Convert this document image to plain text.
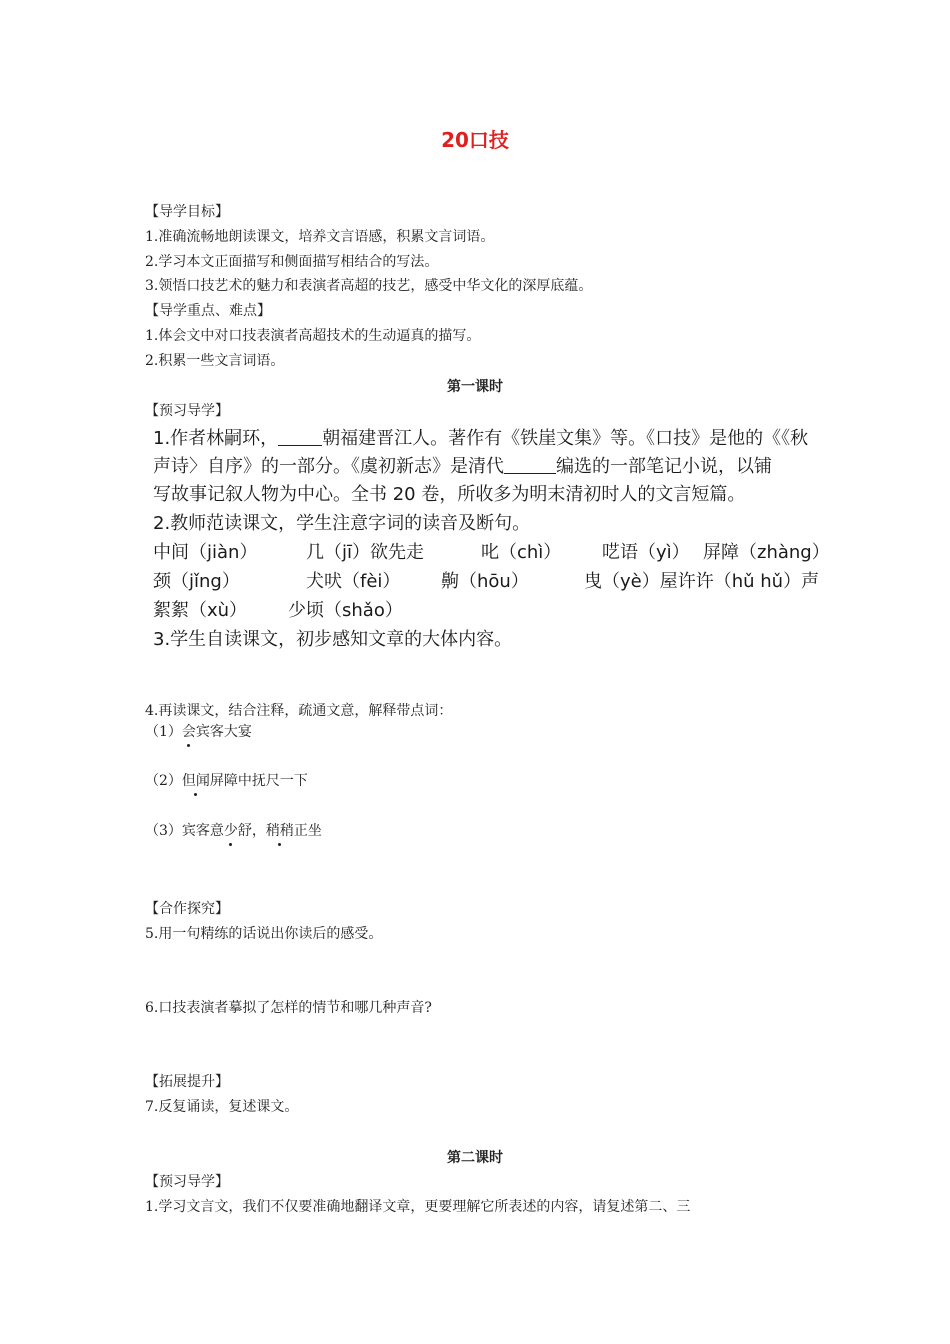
20口技
【导学目标】
1.准确流畅地朗读课文，培养文言语感，积累文言词语。
2.学习本文正面描写和侧面描写相结合的写法。
3.领悟口技艺术的魅力和表演者高超的技艺，感受中华文化的深厚底蕴。
【导学重点、难点】
1.体会文中对口技表演者高超技术的生动逼真的描写。
2.积累一些文言词语。
第一课时
【预习导学】
1.作者林嗣环， 朝福建晋江人。著作有《铁崖文集》等。《口技》是他的《《秋
声诗〉自序》的一部分。《虞初新志》是清代	编选的一部笔记小说，以铺
写故事记叙人物为中心。全书 20 卷，所收多为明末清初时人的文言短篇。
2.教师范读课文，学生注意字词的读音及断句。
中间（jiàn）	几（jī）欲先走	叱（chì） 呓语（yì） 屏障（zhàng）
颈（jǐng）	犬吠（fèi） 齁（hōu）	曳（yè）屋许许（hǔ hǔ）声
絮絮（xù） 少顷（shǎo）
3.学生自读课文，初步感知文章的大体内容。
4.再读课文，结合注释，疏通文意，解释带点词：
（1）会宾客大宴
（2）但闻屏障中抚尺一下
（3）宾客意少舒，稍稍正坐
【合作探究】
5.用一句精练的话说出你读后的感受。
6.口技表演者摹拟了怎样的情节和哪几种声音?
【拓展提升】
7.反复诵读，复述课文。
第二课时
【预习导学】
1.学习文言文，我们不仅要准确地翻译文章，更要理解它所表述的内容，请复述第二、三
